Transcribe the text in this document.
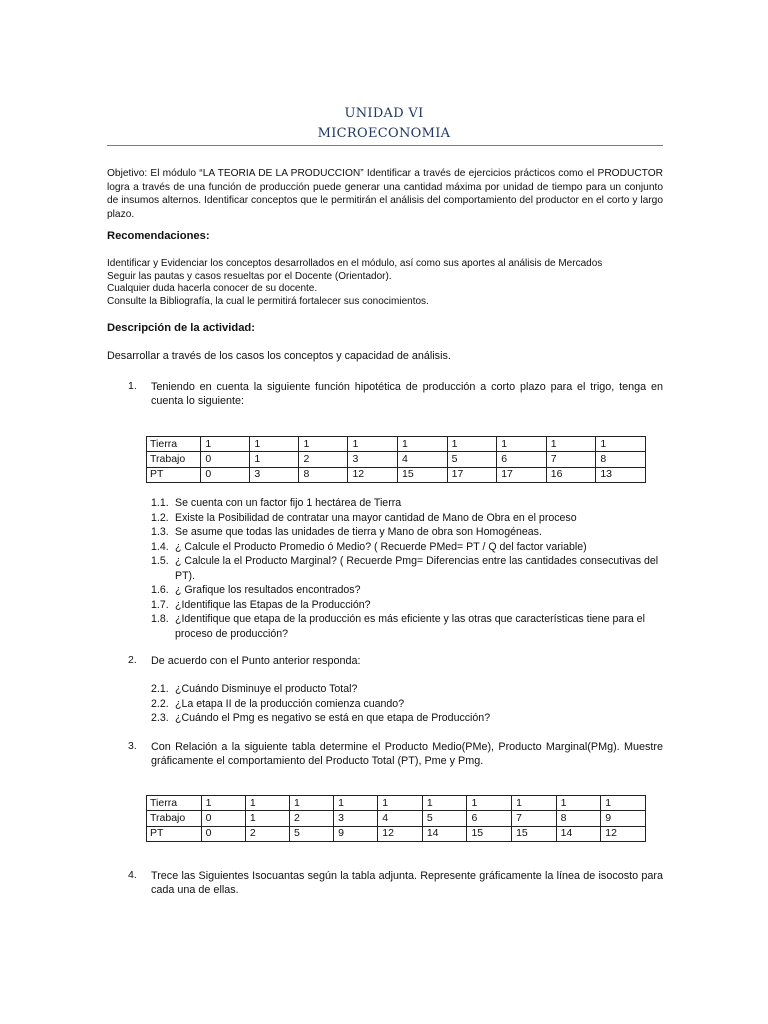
UNIDAD VI
MICROECONOMIA
Objetivo: El módulo “LA TEORIA DE LA PRODUCCION” Identificar a través de ejercicios prácticos como el PRODUCTOR logra a través de una función de producción puede generar una cantidad máxima por unidad de tiempo para un conjunto de insumos alternos. Identificar conceptos que le permitirán el análisis del comportamiento del productor en el corto y largo plazo.
Recomendaciones:
Identificar y Evidenciar los conceptos desarrollados en el módulo, así como sus aportes al análisis de Mercados
Seguir las pautas y casos resueltas por el Docente (Orientador).
Cualquier duda hacerla conocer de su docente.
Consulte la Bibliografía, la cual le permitirá fortalecer sus conocimientos.
Descripción de la actividad:
Desarrollar a través de los casos los conceptos y capacidad de análisis.
1. Teniendo en cuenta la siguiente función hipotética de producción a corto plazo para el trigo, tenga en cuenta lo siguiente:
Tierra	1	1	1	1	1	1	1	1	1
Trabajo	0	1	2	3	4	5	6	7	8
PT	0	3	8	12	15	17	17	16	13
1.1. Se cuenta con un factor fijo 1 hectárea de Tierra
1.2. Existe la Posibilidad de contratar una mayor cantidad de Mano de Obra en el proceso
1.3. Se asume que todas las unidades de tierra y Mano de obra son Homogéneas.
1.4. ¿ Calcule el Producto Promedio ó Medio? ( Recuerde PMed= PT / Q del factor variable)
1.5. ¿ Calcule la el Producto Marginal? ( Recuerde Pmg= Diferencias entre las cantidades consecutivas del PT).
1.6. ¿ Grafique los resultados encontrados?
1.7. ¿Identifique las Etapas de la Producción?
1.8. ¿Identifique que etapa de la producción es más eficiente y las otras que características tiene para el proceso de producción?
2. De acuerdo con el Punto anterior responda:
2.1. ¿Cuándo Disminuye el producto Total?
2.2. ¿La etapa II de la producción comienza cuando?
2.3. ¿Cuándo el Pmg es negativo se está en que etapa de Producción?
3. Con Relación a la siguiente tabla determine el Producto Medio(PMe), Producto Marginal(PMg). Muestre gráficamente el comportamiento del Producto Total (PT), Pme y Pmg.
Tierra	1	1	1	1	1	1	1	1	1	1
Trabajo	0	1	2	3	4	5	6	7	8	9
PT	0	2	5	9	12	14	15	15	14	12
4. Trece las Siguientes Isocuantas según la tabla adjunta. Represente gráficamente la línea de isocosto para cada una de ellas.
